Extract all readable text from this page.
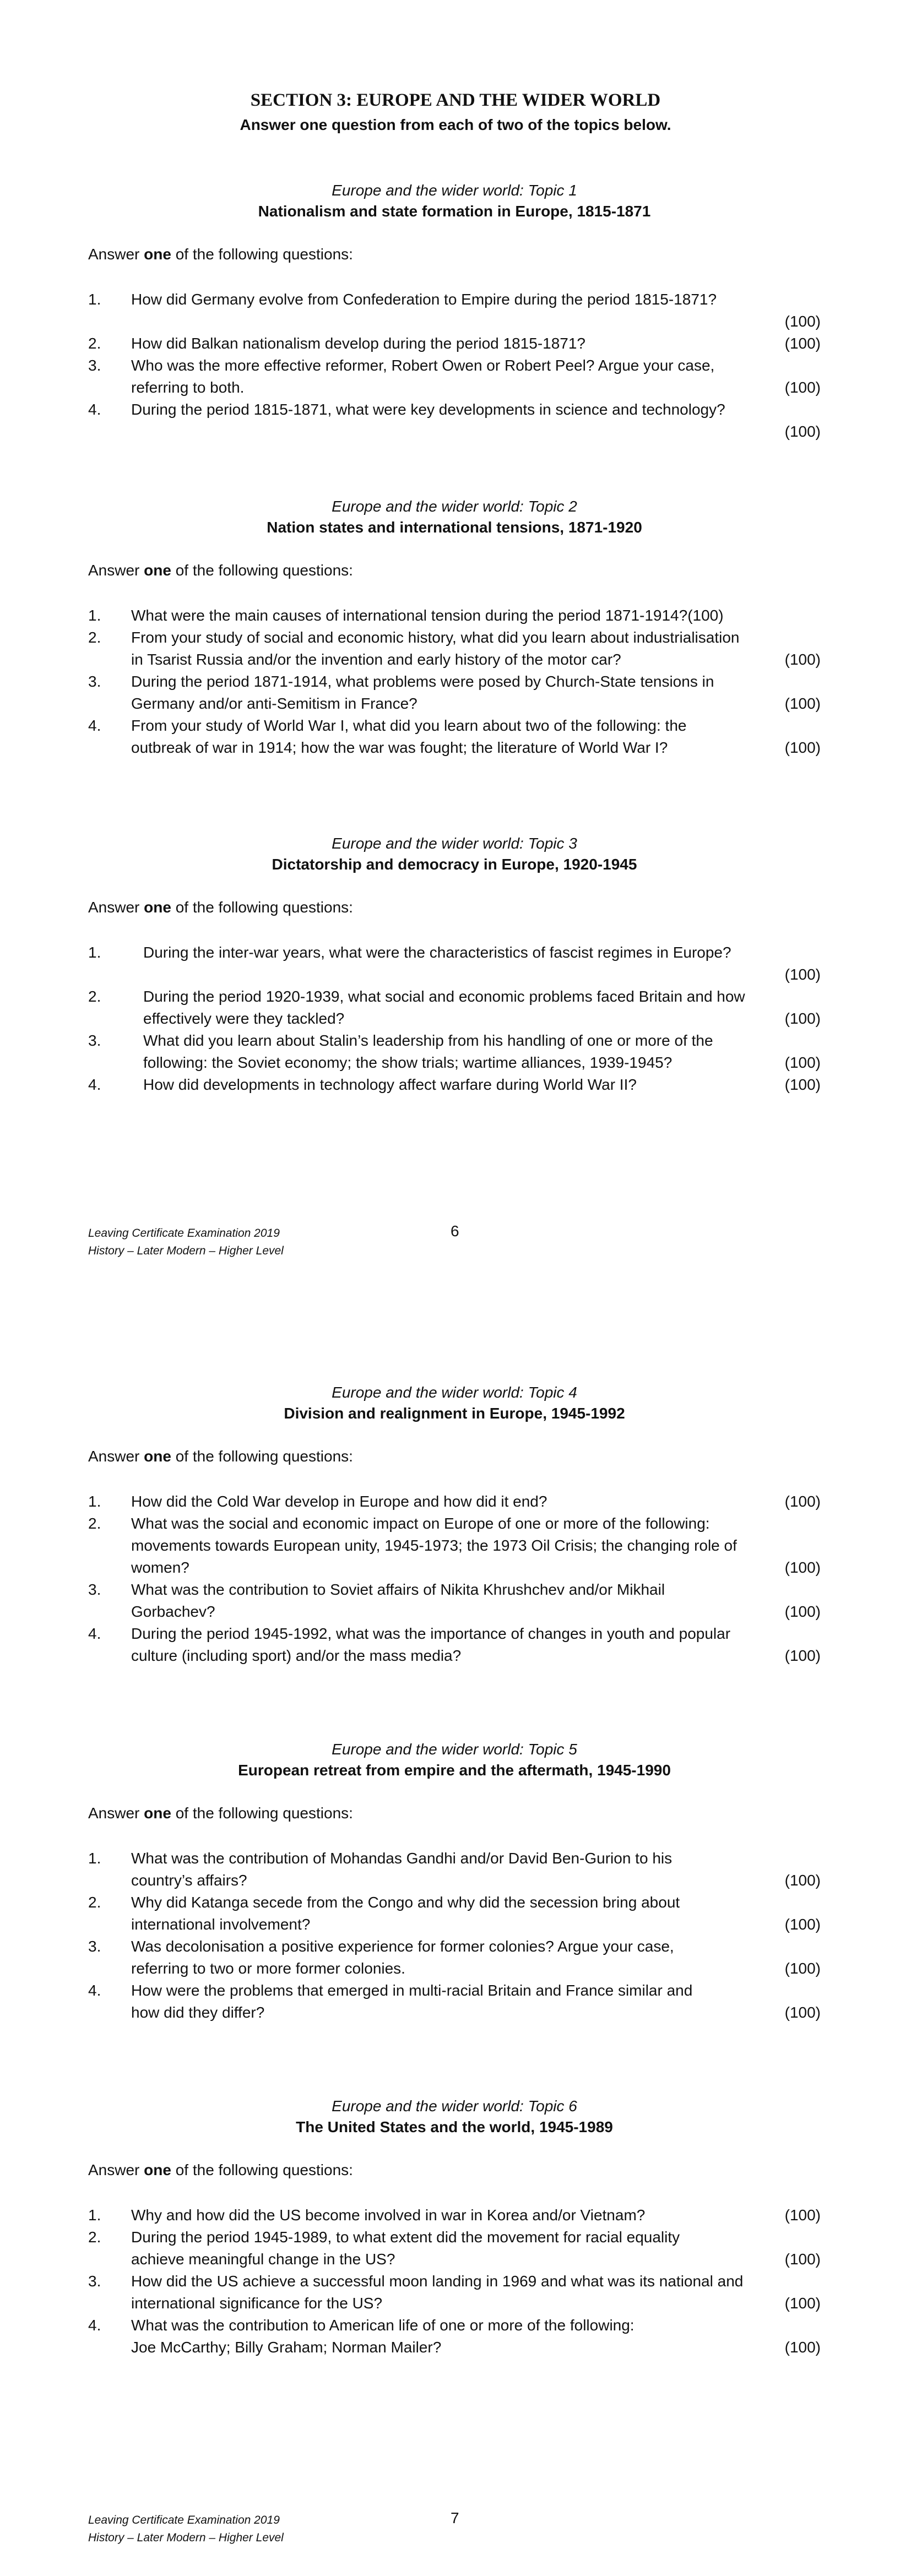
SECTION 3: EUROPE AND THE WIDER WORLD
Answer one question from each of two of the topics below.
Europe and the wider world: Topic 1
Nationalism and state formation in Europe, 1815-1871
Answer one of the following questions:
1.	How did Germany evolve from Confederation to Empire during the period 1815-1871?
(100)
2.	How did Balkan nationalism develop during the period 1815-1871?	(100)
3.	Who was the more effective reformer, Robert Owen or Robert Peel? Argue your case,
referring to both.	(100)
4.	During the period 1815-1871, what were key developments in science and technology?
(100)
Europe and the wider world: Topic 2
Nation states and international tensions, 1871-1920
Answer one of the following questions:
1.	What were the main causes of international tension during the period 1871-1914?(100)
2.	From your study of social and economic history, what did you learn about industrialisation
in Tsarist Russia and/or the invention and early history of the motor car?	(100)
3.	During the period 1871-1914, what problems were posed by Church-State tensions in
Germany and/or anti-Semitism in France?	(100)
4.	From your study of World War I, what did you learn about two of the following: the
outbreak of war in 1914; how the war was fought; the literature of World War I?	(100)
Europe and the wider world: Topic 3
Dictatorship and democracy in Europe, 1920-1945
Answer one of the following questions:
1.	During the inter-war years, what were the characteristics of fascist regimes in Europe?
(100)
2.	During the period 1920-1939, what social and economic problems faced Britain and how
effectively were they tackled?	(100)
3.	What did you learn about Stalin’s leadership from his handling of one or more of the
following: the Soviet economy; the show trials; wartime alliances, 1939-1945?	(100)
4.	How did developments in technology affect warfare during World War II?	(100)
Leaving Certificate Examination 2019
History – Later Modern – Higher Level
6
Europe and the wider world: Topic 4
Division and realignment in Europe, 1945-1992
Answer one of the following questions:
1.	How did the Cold War develop in Europe and how did it end?	(100)
2.	What was the social and economic impact on Europe of one or more of the following:
movements towards European unity, 1945-1973; the 1973 Oil Crisis; the changing role of
women?	(100)
3.	What was the contribution to Soviet affairs of Nikita Khrushchev and/or Mikhail
Gorbachev?	(100)
4.	During the period 1945-1992, what was the importance of changes in youth and popular
culture (including sport) and/or the mass media?	(100)
Europe and the wider world: Topic 5
European retreat from empire and the aftermath, 1945-1990
Answer one of the following questions:
1.	What was the contribution of Mohandas Gandhi and/or David Ben-Gurion to his
country’s affairs?	(100)
2.	Why did Katanga secede from the Congo and why did the secession bring about
international involvement?	(100)
3.	Was decolonisation a positive experience for former colonies? Argue your case,
referring to two or more former colonies.	(100)
4.	How were the problems that emerged in multi-racial Britain and France similar and
how did they differ?	(100)
Europe and the wider world: Topic 6
The United States and the world, 1945-1989
Answer one of the following questions:
1.	Why and how did the US become involved in war in Korea and/or Vietnam?	(100)
2.	During the period 1945-1989, to what extent did the movement for racial equality
achieve meaningful change in the US?	(100)
3.	How did the US achieve a successful moon landing in 1969 and what was its national and
international significance for the US?	(100)
4.	What was the contribution to American life of one or more of the following:
Joe McCarthy; Billy Graham; Norman Mailer?	(100)
Leaving Certificate Examination 2019
History – Later Modern – Higher Level
7
